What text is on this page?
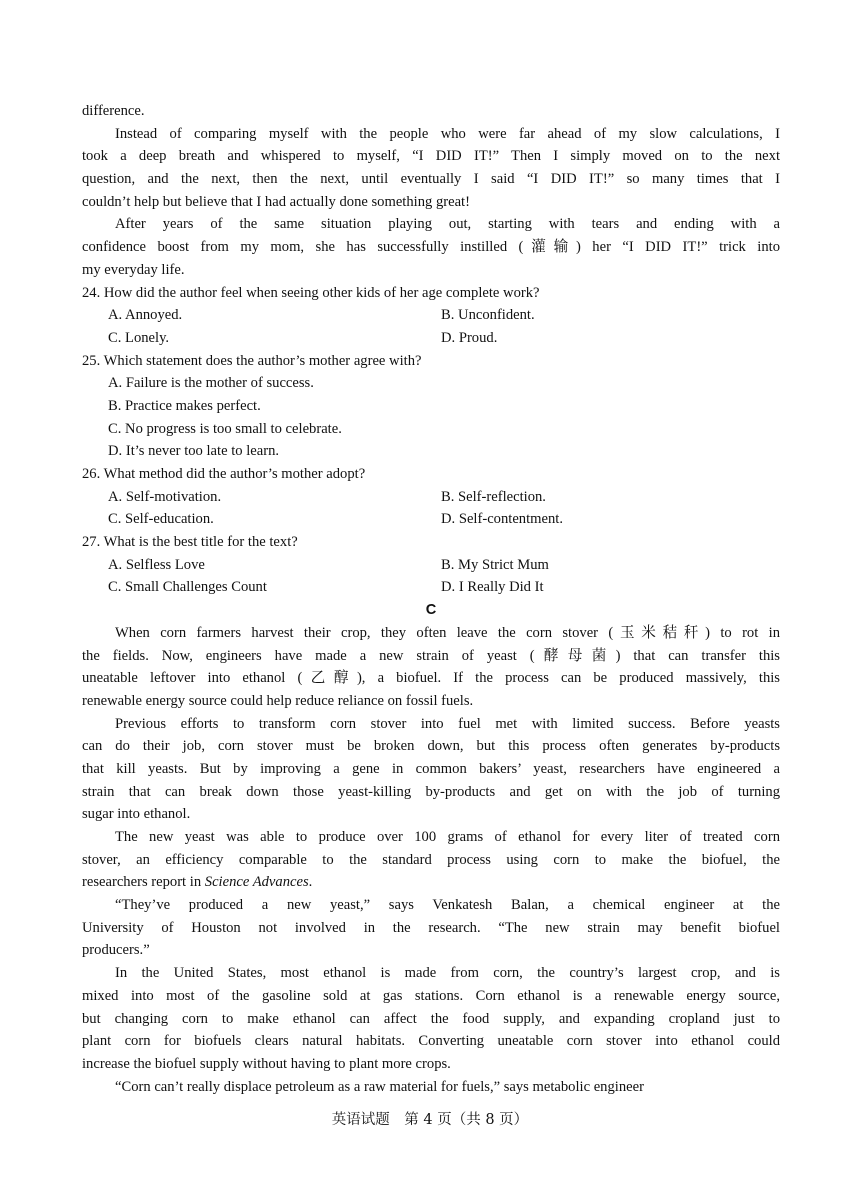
difference.
Instead of comparing myself with the people who were far ahead of my slow calculations, I
took a deep breath and whispered to myself, “I DID IT!” Then I simply moved on to the next
question, and the next, then the next, until eventually I said “I DID IT!” so many times that I
couldn’t help but believe that I had actually done something great!
After years of the same situation playing out, starting with tears and ending with a
confidence boost from my mom, she has successfully instilled (灌输) her “I DID IT!” trick into
my everyday life.
24. How did the author feel when seeing other kids of her age complete work?
A. Annoyed.	B. Unconfident.
C. Lonely.	D. Proud.
25. Which statement does the author’s mother agree with?
A. Failure is the mother of success.
B. Practice makes perfect.
C. No progress is too small to celebrate.
D. It’s never too late to learn.
26. What method did the author’s mother adopt?
A. Self-motivation.	B. Self-reflection.
C. Self-education.	D. Self-contentment.
27. What is the best title for the text?
A. Selfless Love	B. My Strict Mum
C. Small Challenges Count	D. I Really Did It
C
When corn farmers harvest their crop, they often leave the corn stover (玉米秸秆) to rot in
the fields. Now, engineers have made a new strain of yeast (酵母菌) that can transfer this
uneatable leftover into ethanol (乙醇), a biofuel. If the process can be produced massively, this
renewable energy source could help reduce reliance on fossil fuels.
Previous efforts to transform corn stover into fuel met with limited success. Before yeasts
can do their job, corn stover must be broken down, but this process often generates by-products
that kill yeasts. But by improving a gene in common bakers’ yeast, researchers have engineered a
strain that can break down those yeast-killing by-products and get on with the job of turning
sugar into ethanol.
The new yeast was able to produce over 100 grams of ethanol for every liter of treated corn
stover, an efficiency comparable to the standard process using corn to make the biofuel, the
researchers report in Science Advances.
“They’ve produced a new yeast,” says Venkatesh Balan, a chemical engineer at the
University of Houston not involved in the research. “The new strain may benefit biofuel
producers.”
In the United States, most ethanol is made from corn, the country’s largest crop, and is
mixed into most of the gasoline sold at gas stations. Corn ethanol is a renewable energy source,
but changing corn to make ethanol can affect the food supply, and expanding cropland just to
plant corn for biofuels clears natural habitats. Converting uneatable corn stover into ethanol could
increase the biofuel supply without having to plant more crops.
“Corn can’t really displace petroleum as a raw material for fuels,” says metabolic engineer
英语试题　第 4 页（共 8 页）
